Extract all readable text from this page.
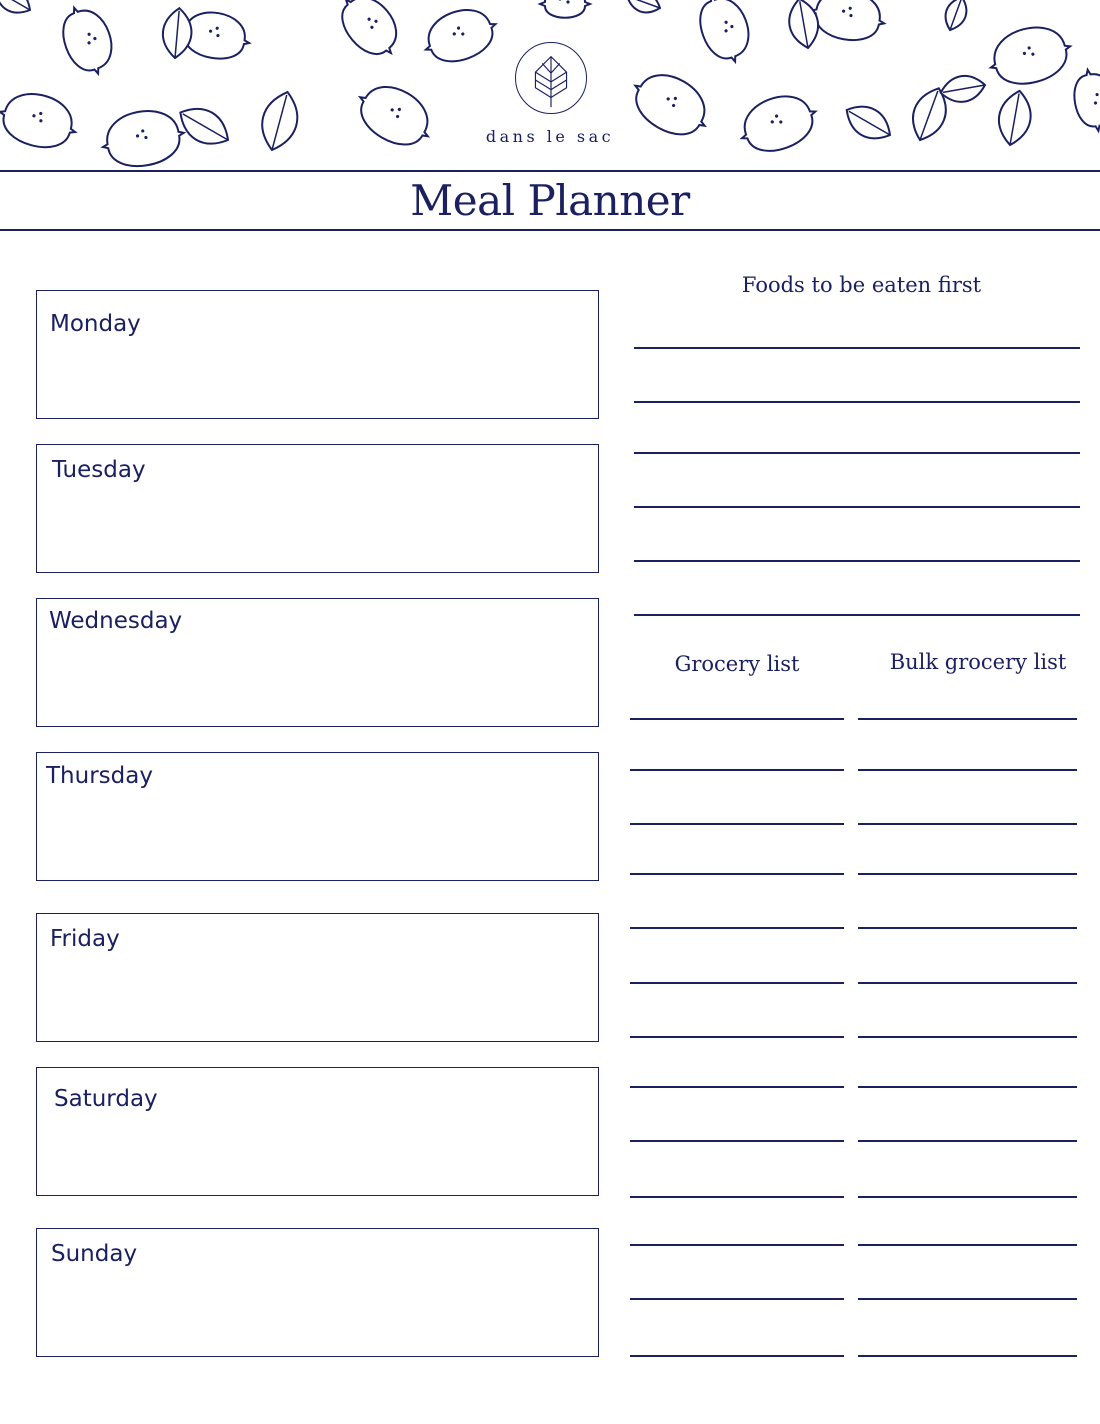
dans le sac
Meal Planner
Monday
Tuesday
Wednesday
Thursday
Friday
Saturday
Sunday
Foods to be eaten first
Grocery list	Bulk grocery list
